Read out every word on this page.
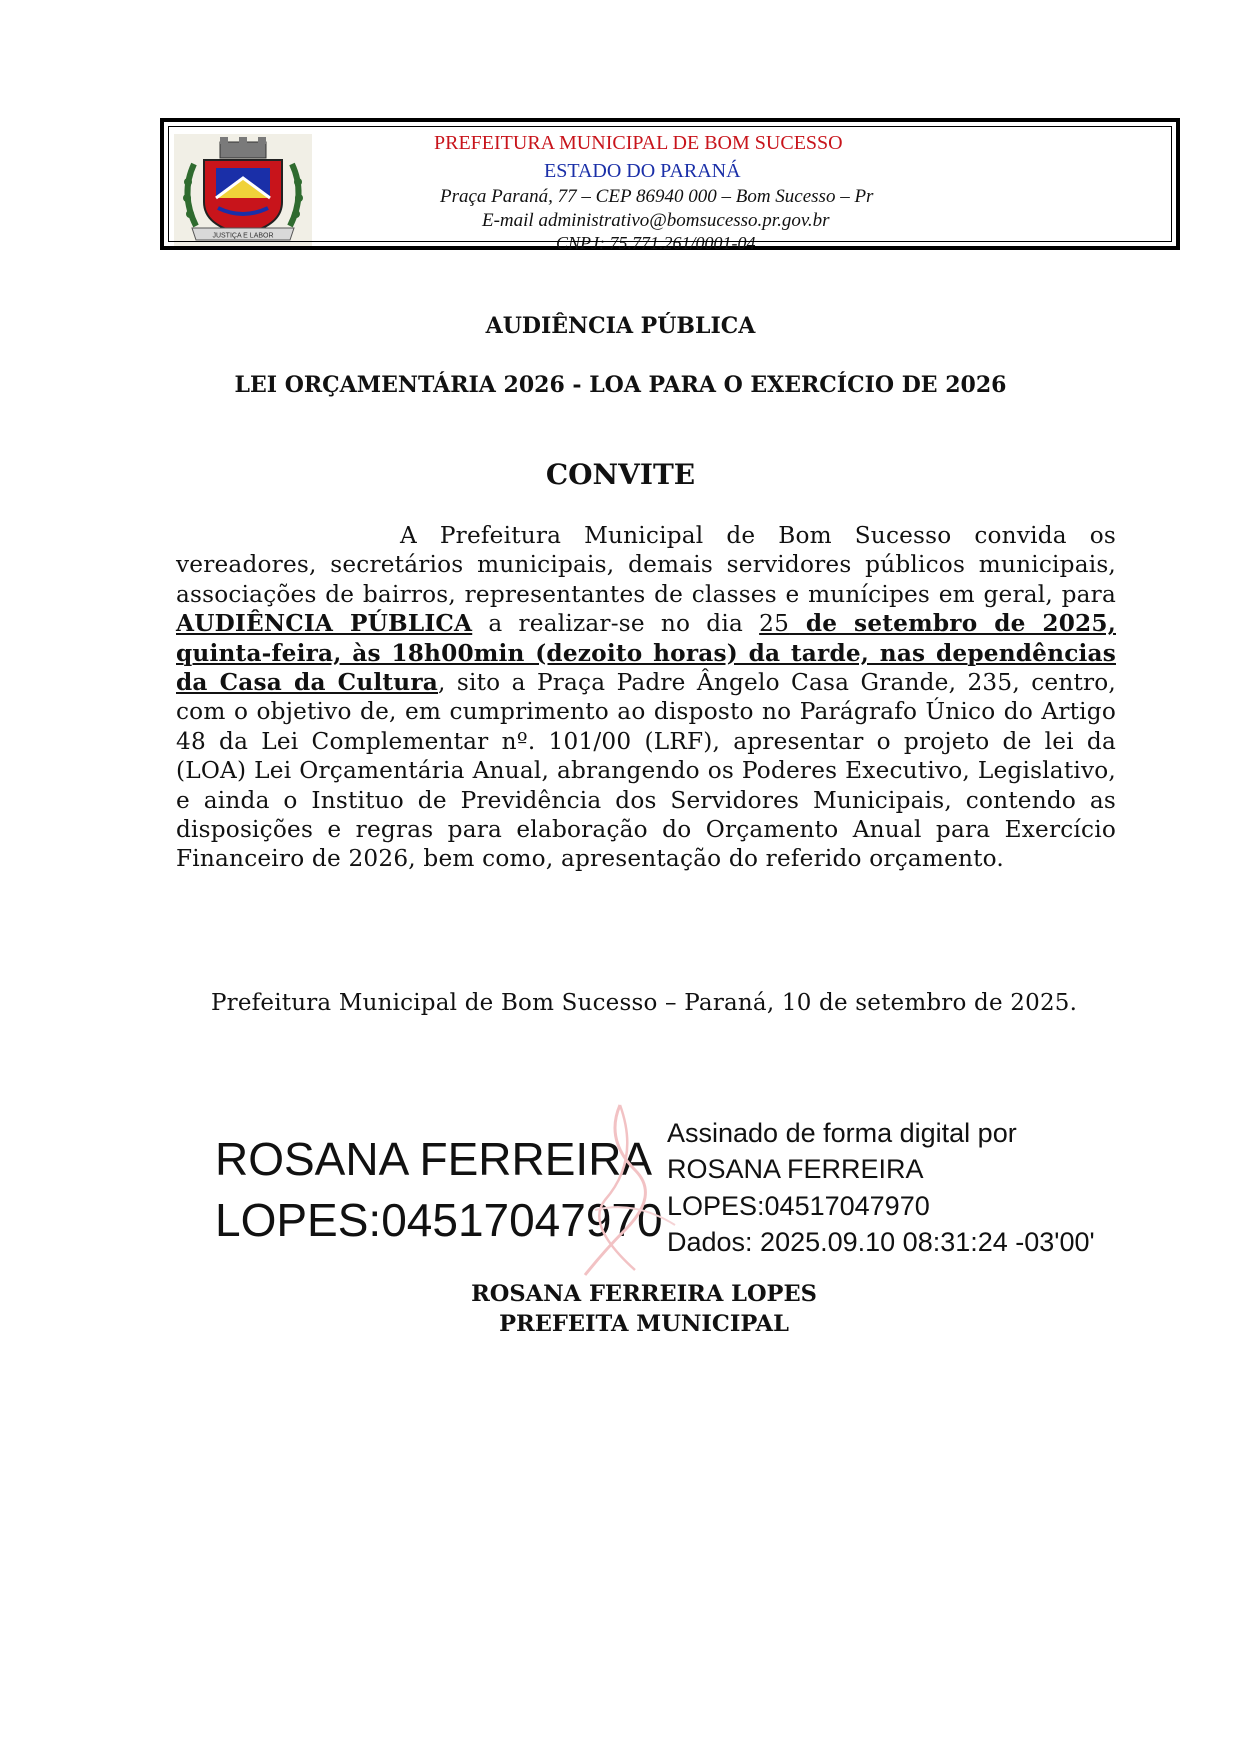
JUSTIÇA E LABOR
PREFEITURA MUNICIPAL DE BOM SUCESSO
ESTADO DO PARANÁ
Praça Paraná, 77 – CEP 86940 000 – Bom Sucesso – Pr
E-mail administrativo@bomsucesso.pr.gov.br
CNPJ: 75.771.261/0001-04
AUDIÊNCIA PÚBLICA
LEI ORÇAMENTÁRIA 2026 - LOA PARA O EXERCÍCIO DE 2026
CONVITE
A Prefeitura Municipal de Bom Sucesso convida os vereadores, secretários municipais, demais servidores públicos municipais, associações de bairros, representantes de classes e munícipes em geral, para AUDIÊNCIA PÚBLICA a realizar-se no dia 25 de setembro de 2025, quinta-feira, às 18h00min (dezoito horas) da tarde, nas dependências da Casa da Cultura, sito a Praça Padre Ângelo Casa Grande, 235, centro, com o objetivo de, em cumprimento ao disposto no Parágrafo Único do Artigo 48 da Lei Complementar nº. 101/00 (LRF), apresentar o projeto de lei da (LOA) Lei Orçamentária Anual, abrangendo os Poderes Executivo, Legislativo, e ainda o Instituo de Previdência dos Servidores Municipais, contendo as disposições e regras para elaboração do Orçamento Anual para Exercício Financeiro de 2026, bem como, apresentação do referido orçamento.
Prefeitura Municipal de Bom Sucesso – Paraná, 10 de setembro de 2025.
ROSANA FERREIRA
LOPES:04517047970
Assinado de forma digital por
ROSANA FERREIRA
LOPES:04517047970
Dados: 2025.09.10 08:31:24 -03'00'
ROSANA FERREIRA LOPES
PREFEITA MUNICIPAL
